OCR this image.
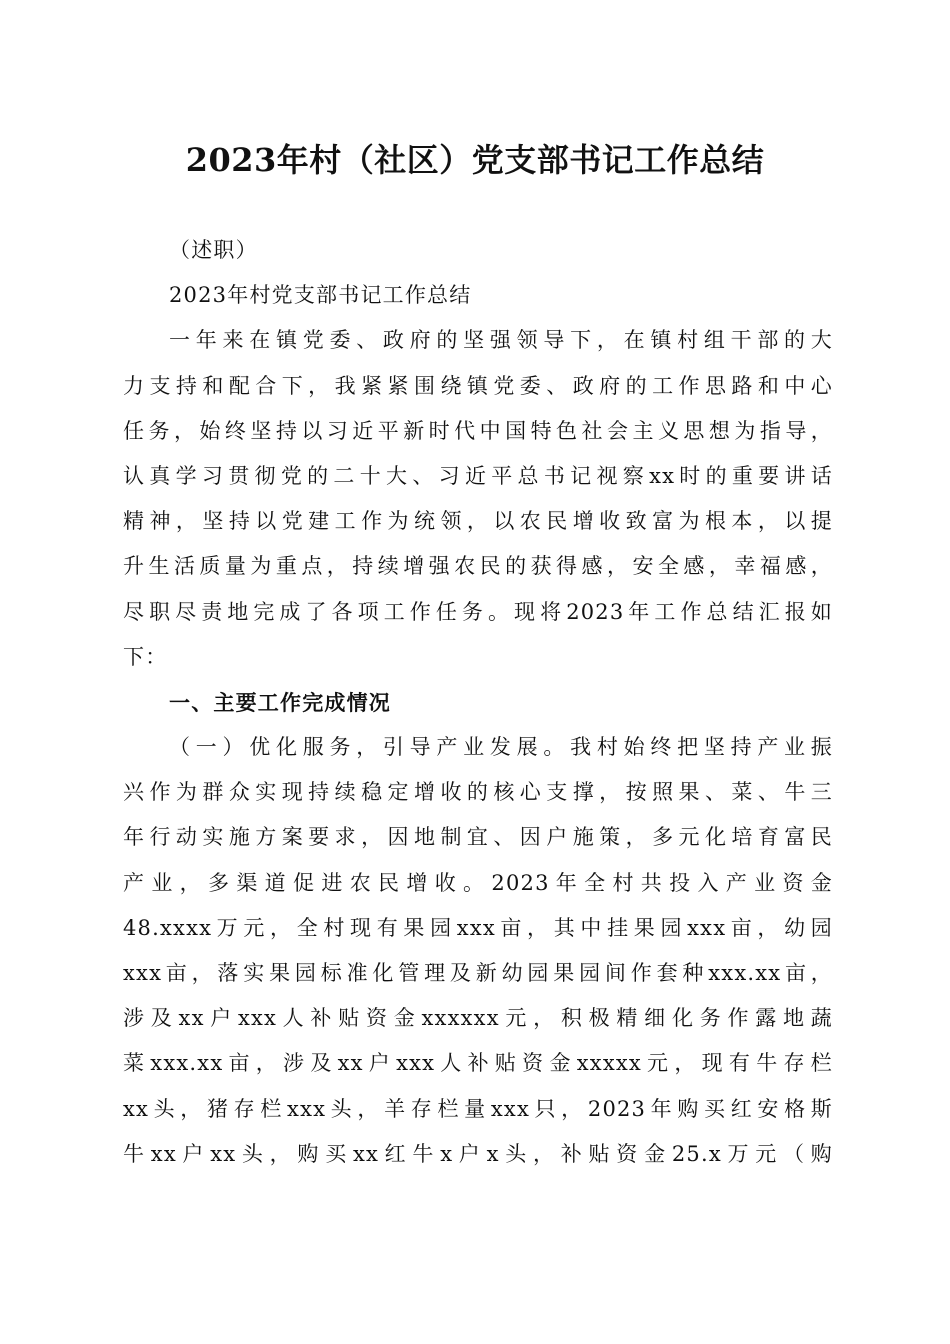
2023年村（社区）党支部书记工作总结
（述职）
2023年村党支部书记工作总结
一年来在镇党委、政府的坚强领导下，在镇村组干部的大
力支持和配合下，我紧紧围绕镇党委、政府的工作思路和中心
任务，始终坚持以习近平新时代中国特色社会主义思想为指导，
认真学习贯彻党的二十大、习近平总书记视察xx时的重要讲话
精神，坚持以党建工作为统领，以农民增收致富为根本，以提
升生活质量为重点，持续增强农民的获得感，安全感，幸福感，
尽职尽责地完成了各项工作任务。现将2023年工作总结汇报如
下：
一、主要工作完成情况
（一）优化服务，引导产业发展。我村始终把坚持产业振
兴作为群众实现持续稳定增收的核心支撑，按照果、菜、牛三
年行动实施方案要求，因地制宜、因户施策，多元化培育富民
产业，多渠道促进农民增收。2023年全村共投入产业资金
48.xxxx万元，全村现有果园xxx亩，其中挂果园xxx亩，幼园
xxx亩，落实果园标准化管理及新幼园果园间作套种xxx.xx亩，
涉及xx户xxx人补贴资金xxxxxx元，积极精细化务作露地蔬
菜xxx.xx亩，涉及xx户xxx人补贴资金xxxxx元，现有牛存栏
xx头，猪存栏xxx头，羊存栏量xxx只，2023年购买红安格斯
牛xx户xx头，购买xx红牛x户x头，补贴资金25.x万元（购
